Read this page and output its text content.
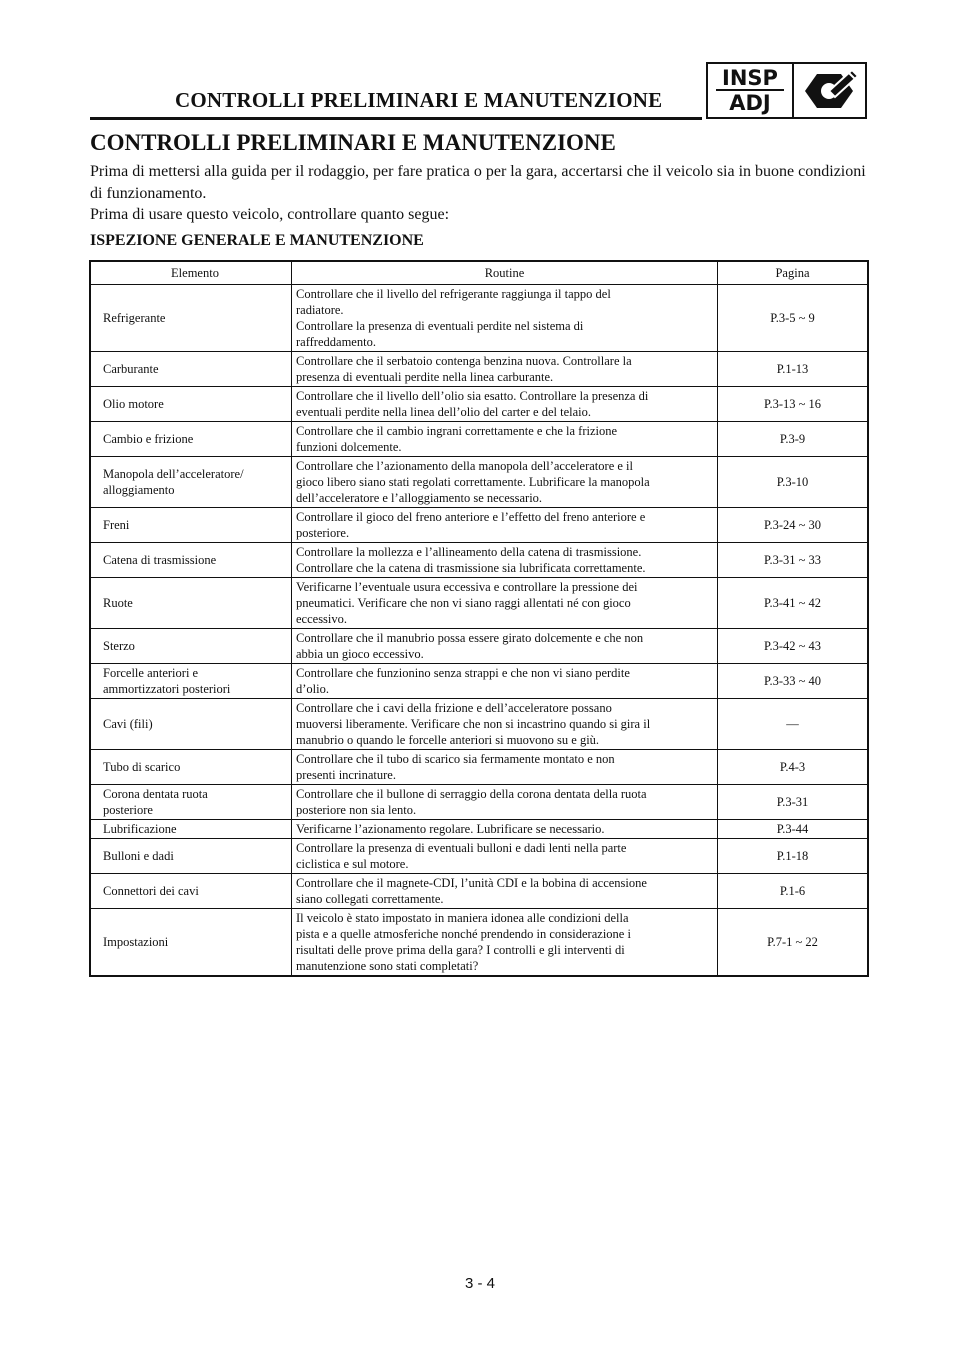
CONTROLLI PRELIMINARI E MANUTENZIONE
INSP
ADJ
CONTROLLI PRELIMINARI E MANUTENZIONE

Prima di mettersi alla guida per il rodaggio, per fare pratica o per la gara, accertarsi che il veicolo sia in buone condizioni di funzionamento.

Prima di usare questo veicolo, controllare quanto segue:

ISPEZIONE GENERALE E MANUTENZIONE
Elemento	Routine	Pagina
Refrigerante	Controllare che il livello del refrigerante raggiunga il tappo del
radiatore.
Controllare la presenza di eventuali perdite nel sistema di
raffreddamento.	P.3-5 ~ 9
Carburante	Controllare che il serbatoio contenga benzina nuova. Controllare la
presenza di eventuali perdite nella linea carburante.	P.1-13
Olio motore	Controllare che il livello dell’olio sia esatto. Controllare la presenza di
eventuali perdite nella linea dell’olio del carter e del telaio.	P.3-13 ~ 16
Cambio e frizione	Controllare che il cambio ingrani correttamente e che la frizione
funzioni dolcemente.	P.3-9
Manopola dell’acceleratore/
alloggiamento	Controllare che l’azionamento della manopola dell’acceleratore e il
gioco libero siano stati regolati correttamente. Lubrificare la manopola
dell’acceleratore e l’alloggiamento se necessario.	P.3-10
Freni	Controllare il gioco del freno anteriore e l’effetto del freno anteriore e
posteriore.	P.3-24 ~ 30
Catena di trasmissione	Controllare la mollezza e l’allineamento della catena di trasmissione.
Controllare che la catena di trasmissione sia lubrificata correttamente.	P.3-31 ~ 33
Ruote	Verificarne l’eventuale usura eccessiva e controllare la pressione dei
pneumatici. Verificare che non vi siano raggi allentati né con gioco
eccessivo.	P.3-41 ~ 42
Sterzo	Controllare che il manubrio possa essere girato dolcemente e che non
abbia un gioco eccessivo.	P.3-42 ~ 43
Forcelle anteriori e
ammortizzatori posteriori	Controllare che funzionino senza strappi e che non vi siano perdite
d’olio.	P.3-33 ~ 40
Cavi (fili)	Controllare che i cavi della frizione e dell’acceleratore possano
muoversi liberamente. Verificare che non si incastrino quando si gira il
manubrio o quando le forcelle anteriori si muovono su e giù.	—
Tubo di scarico	Controllare che il tubo di scarico sia fermamente montato e non
presenti incrinature.	P.4-3
Corona dentata ruota
posteriore	Controllare che il bullone di serraggio della corona dentata della ruota
posteriore non sia lento.	P.3-31
Lubrificazione	Verificarne l’azionamento regolare. Lubrificare se necessario.	P.3-44
Bulloni e dadi	Controllare la presenza di eventuali bulloni e dadi lenti nella parte
ciclistica e sul motore.	P.1-18
Connettori dei cavi	Controllare che il magnete-CDI, l’unità CDI e la bobina di accensione
siano collegati correttamente.	P.1-6
Impostazioni	Il veicolo è stato impostato in maniera idonea alle condizioni della
pista e a quelle atmosferiche nonché prendendo in considerazione i
risultati delle prove prima della gara? I controlli e gli interventi di
manutenzione sono stati completati?	P.7-1 ~ 22
3 - 4
